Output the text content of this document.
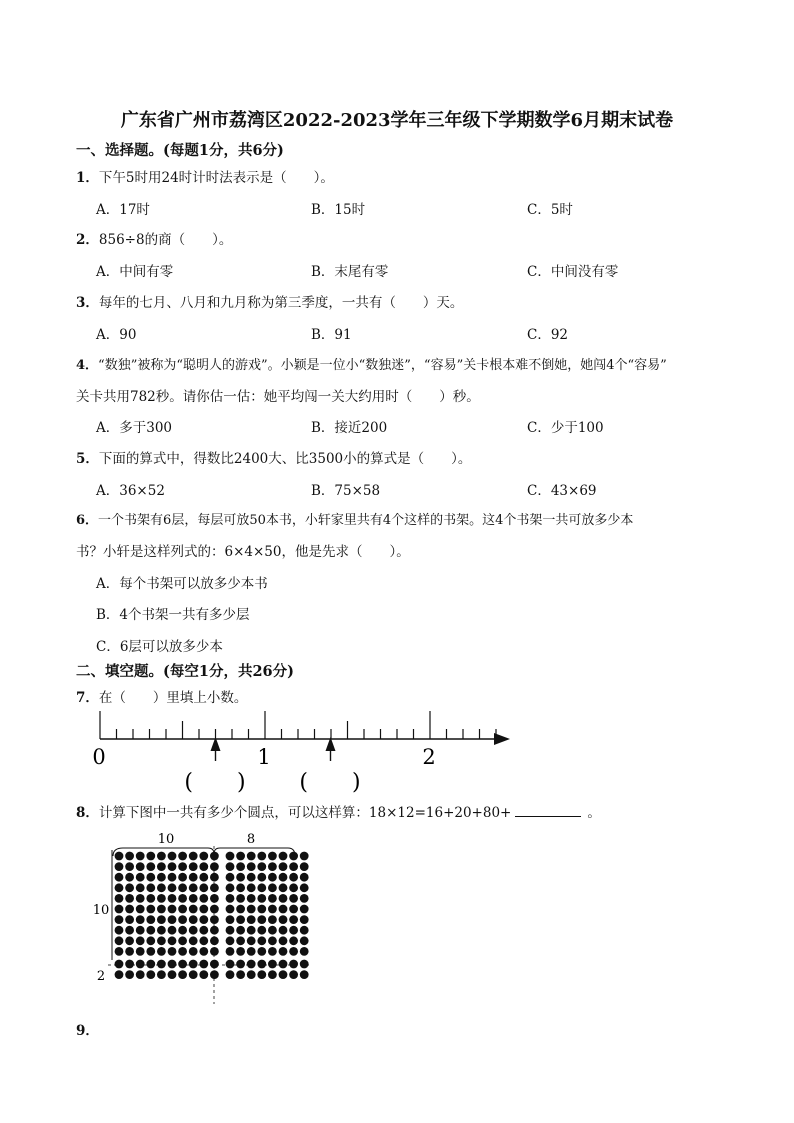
广东省广州市荔湾区2022-2023学年三年级下学期数学6月期末试卷
一、选择题。(每题1分，共6分)
1．下午5时用24时计时法表示是（　　）。
A．17时	B．15时	C．5时
2．856÷8的商（　　）。
A．中间有零	B．末尾有零	C．中间没有零
3．每年的七月、八月和九月称为第三季度，一共有（　　）天。
A．90	B．91	C．92
4．“数独”被称为“聪明人的游戏”。小颖是一位小“数独迷”，“容易”关卡根本难不倒她，她闯4个“容易”
关卡共用782秒。请你估一估：她平均闯一关大约用时（　　）秒。
A．多于300	B．接近200	C．少于100
5．下面的算式中，得数比2400大、比3500小的算式是（　　）。
A．36×52	B．75×58	C．43×69
6．一个书架有6层，每层可放50本书，小轩家里共有4个这样的书架。这4个书架一共可放多少本
书？小轩是这样列式的：6×4×50，他是先求（　　）。
A．每个书架可以放多少本书
B．4个书架一共有多少层
C．6层可以放多少本
二、填空题。(每空1分，共26分)
7．在（　　）里填上小数。
0	1	2
(　　) (　　)
8．计算下图中一共有多少个圆点，可以这样算：18×12=16+20+80+	。
10	8
10
2
9．
